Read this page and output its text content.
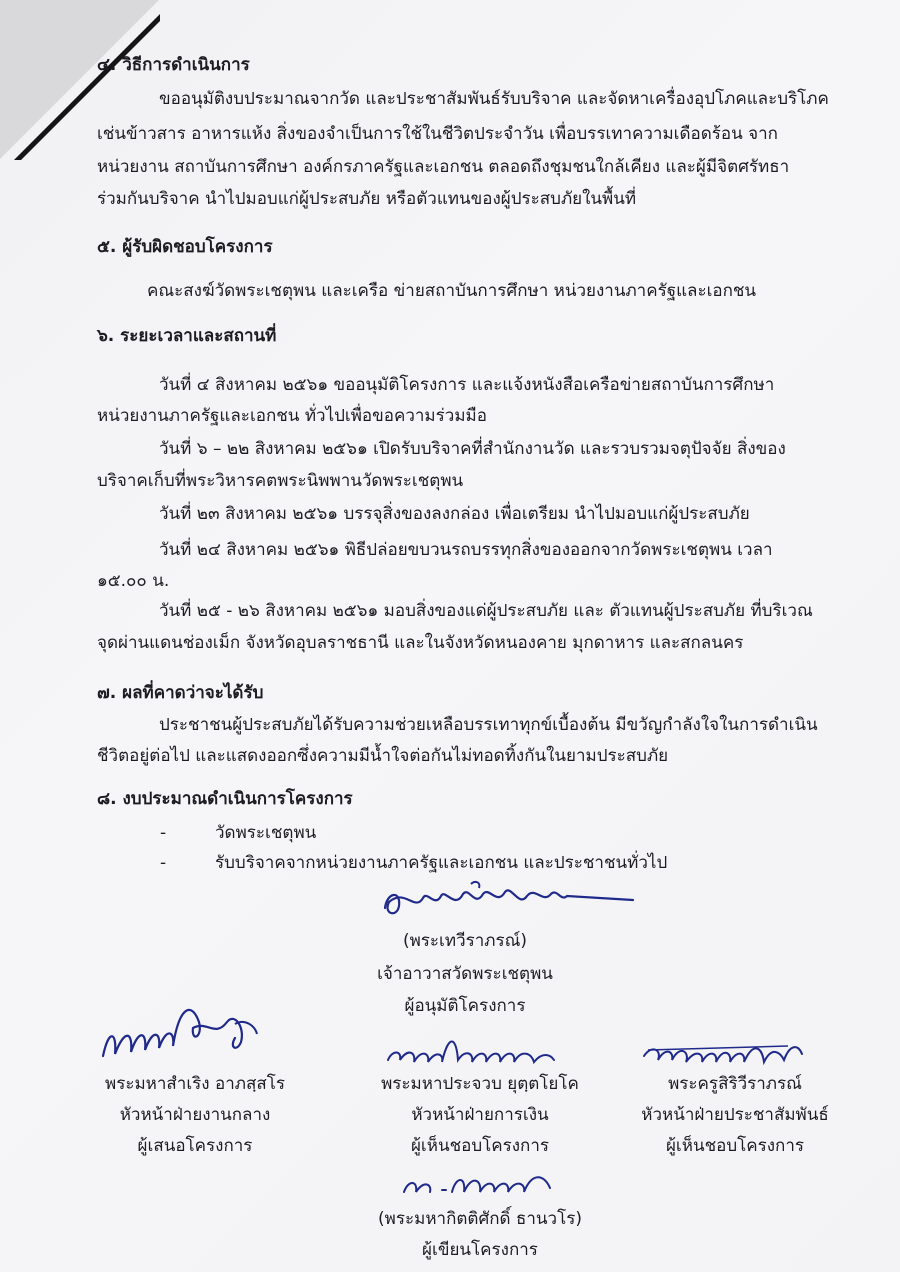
๔. วิธีการดำเนินการ
ขออนุมัติงบประมาณจากวัด และประชาสัมพันธ์รับบริจาค และจัดหาเครื่องอุปโภคและบริโภค
เช่นข้าวสาร อาหารแห้ง สิ่งของจำเป็นการใช้ในชีวิตประจำวัน เพื่อบรรเทาความเดือดร้อน จาก
หน่วยงาน สถาบันการศึกษา องค์กรภาครัฐและเอกชน ตลอดถึงชุมชนใกล้เคียง และผู้มีจิตศรัทธา
ร่วมกันบริจาค นำไปมอบแก่ผู้ประสบภัย หรือตัวแทนของผู้ประสบภัยในพื้นที่
๕. ผู้รับผิดชอบโครงการ
คณะสงฆ์วัดพระเชตุพน และเครือ ข่ายสถาบันการศึกษา หน่วยงานภาครัฐและเอกชน
๖. ระยะเวลาและสถานที่
วันที่ ๔ สิงหาคม ๒๕๖๑ ขออนุมัติโครงการ และแจ้งหนังสือเครือข่ายสถาบันการศึกษา
หน่วยงานภาครัฐและเอกชน ทั่วไปเพื่อขอความร่วมมือ
วันที่ ๖ – ๒๒ สิงหาคม ๒๕๖๑ เปิดรับบริจาคที่สำนักงานวัด และรวบรวมจตุปัจจัย สิ่งของ
บริจาคเก็บที่พระวิหารคตพระนิพพานวัดพระเชตุพน
วันที่ ๒๓ สิงหาคม ๒๕๖๑ บรรจุสิ่งของลงกล่อง เพื่อเตรียม นำไปมอบแก่ผู้ประสบภัย
วันที่ ๒๔ สิงหาคม ๒๕๖๑ พิธีปล่อยขบวนรถบรรทุกสิ่งของออกจากวัดพระเชตุพน เวลา
๑๕.๐๐ น.
วันที่ ๒๕ - ๒๖ สิงหาคม ๒๕๖๑ มอบสิ่งของแด่ผู้ประสบภัย และ ตัวแทนผู้ประสบภัย ที่บริเวณ
จุดผ่านแดนช่องเม็ก จังหวัดอุบลราชธานี และในจังหวัดหนองคาย มุกดาหาร และสกลนคร
๗. ผลที่คาดว่าจะได้รับ
ประชาชนผู้ประสบภัยได้รับความช่วยเหลือบรรเทาทุกข์เบื้องต้น มีขวัญกำลังใจในการดำเนิน
ชีวิตอยู่ต่อไป และแสดงออกซึ่งความมีน้ำใจต่อกันไม่ทอดทิ้งกันในยามประสบภัย
๘. งบประมาณดำเนินการโครงการ
-	วัดพระเชตุพน
-	รับบริจาคจากหน่วยงานภาครัฐและเอกชน และประชาชนทั่วไป
(พระเทวีราภรณ์)
เจ้าอาวาสวัดพระเชตุพน
ผู้อนุมัติโครงการ
พระมหาสำเริง อาภสฺสโร
หัวหน้าฝ่ายงานกลาง
ผู้เสนอโครงการ
พระมหาประจวบ ยุตฺตโยโค
หัวหน้าฝ่ายการเงิน
ผู้เห็นชอบโครงการ
พระครูสิริวีราภรณ์
หัวหน้าฝ่ายประชาสัมพันธ์
ผู้เห็นชอบโครงการ
(พระมหากิตติศักดิ์ ธานวโร)
ผู้เขียนโครงการ
